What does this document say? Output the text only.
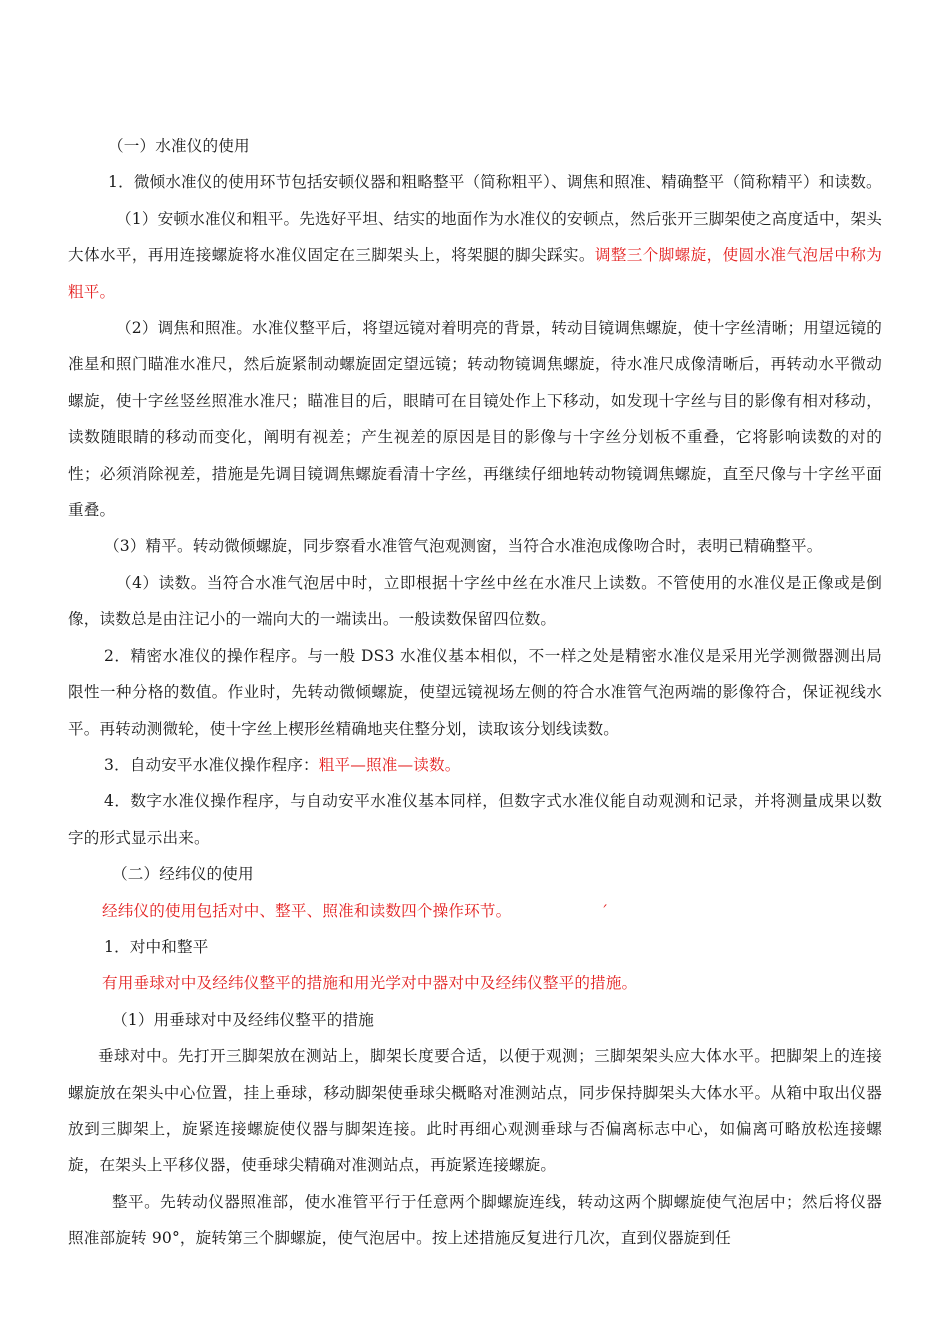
（一）水准仪的使用

1．微倾水准仪的使用环节包括安顿仪器和粗略整平（简称粗平）、调焦和照准、精确整平（简称精平）和读数。

（1）安顿水准仪和粗平。先选好平坦、结实的地面作为水准仪的安顿点，然后张开三脚架使之高度适中，架头大体水平，再用连接螺旋将水准仪固定在三脚架头上，将架腿的脚尖踩实。调整三个脚螺旋，使圆水准气泡居中称为粗平。

（2）调焦和照准。水准仪整平后，将望远镜对着明亮的背景，转动目镜调焦螺旋，使十字丝清晰；用望远镜的准星和照门瞄准水准尺，然后旋紧制动螺旋固定望远镜；转动物镜调焦螺旋，待水准尺成像清晰后，再转动水平微动螺旋，使十字丝竖丝照准水准尺；瞄准目的后，眼睛可在目镜处作上下移动，如发现十字丝与目的影像有相对移动，读数随眼睛的移动而变化，阐明有视差；产生视差的原因是目的影像与十字丝分划板不重叠，它将影响读数的对的性；必须消除视差，措施是先调目镜调焦螺旋看清十字丝，再继续仔细地转动物镜调焦螺旋，直至尺像与十字丝平面重叠。

（3）精平。转动微倾螺旋，同步察看水准管气泡观测窗，当符合水准泡成像吻合时，表明已精确整平。

（4）读数。当符合水准气泡居中时，立即根据十字丝中丝在水准尺上读数。不管使用的水准仪是正像或是倒像，读数总是由注记小的一端向大的一端读出。一般读数保留四位数。

2．精密水准仪的操作程序。与一般 DS3 水准仪基本相似，不一样之处是精密水准仪是采用光学测微器测出局限性一种分格的数值。作业时，先转动微倾螺旋，使望远镜视场左侧的符合水准管气泡两端的影像符合，保证视线水平。再转动测微轮，使十字丝上楔形丝精确地夹住整分划，读取该分划线读数。

3．自动安平水准仪操作程序：粗平—照准—读数。

4．数字水准仪操作程序，与自动安平水准仪基本同样，但数字式水准仪能自动观测和记录，并将测量成果以数字的形式显示出来。

（二）经纬仪的使用

经纬仪的使用包括对中、整平、照准和读数四个操作环节。	′

1．对中和整平

有用垂球对中及经纬仪整平的措施和用光学对中器对中及经纬仪整平的措施。

（1）用垂球对中及经纬仪整平的措施

垂球对中。先打开三脚架放在测站上，脚架长度要合适，以便于观测；三脚架架头应大体水平。把脚架上的连接螺旋放在架头中心位置，挂上垂球，移动脚架使垂球尖概略对准测站点，同步保持脚架头大体水平。从箱中取出仪器放到三脚架上，旋紧连接螺旋使仪器与脚架连接。此时再细心观测垂球与否偏离标志中心，如偏离可略放松连接螺旋，在架头上平移仪器，使垂球尖精确对准测站点，再旋紧连接螺旋。

整平。先转动仪器照准部，使水准管平行于任意两个脚螺旋连线，转动这两个脚螺旋使气泡居中；然后将仪器照准部旋转 90°，旋转第三个脚螺旋，使气泡居中。按上述措施反复进行几次，直到仪器旋到任
